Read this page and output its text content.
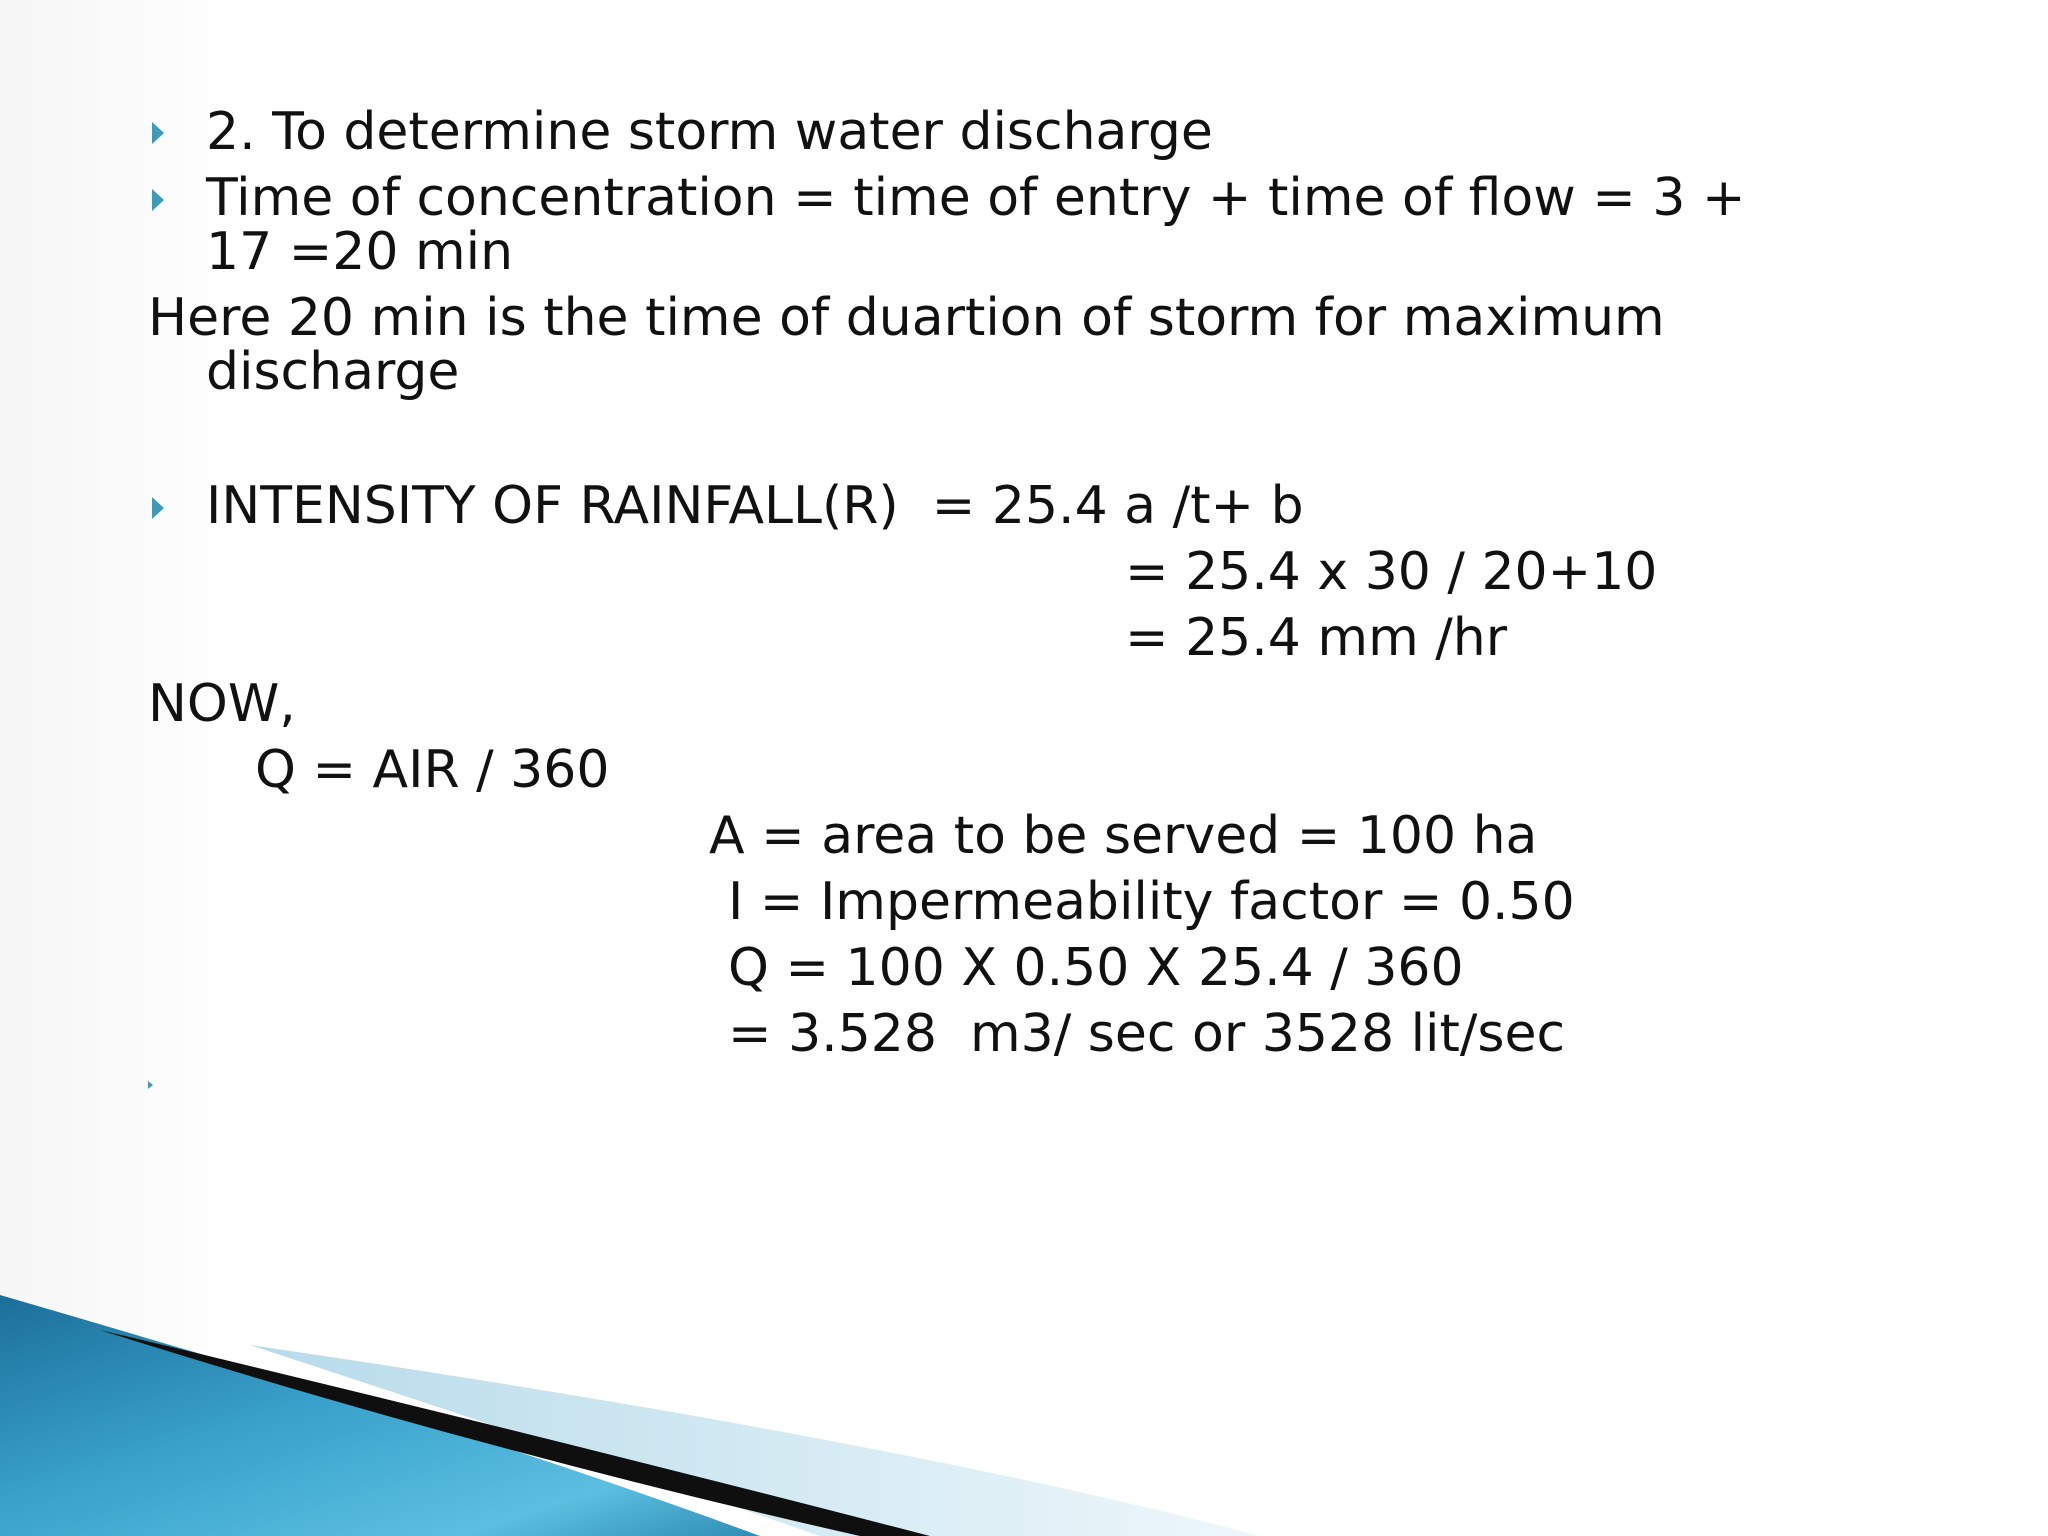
2. To determine storm water discharge

Time of concentration = time of entry + time of flow = 3 +

17 =20 min

Here 20 min is the time of duartion of storm for maximum

discharge

INTENSITY OF RAINFALL(R)  = 25.4 a /t+ b

= 25.4 x 30 / 20+10

= 25.4 mm /hr

NOW,

Q = AIR / 360

A = area to be served = 100 ha

I = Impermeability factor = 0.50

Q = 100 X 0.50 X 25.4 / 360

= 3.528  m3/ sec or 3528 lit/sec
